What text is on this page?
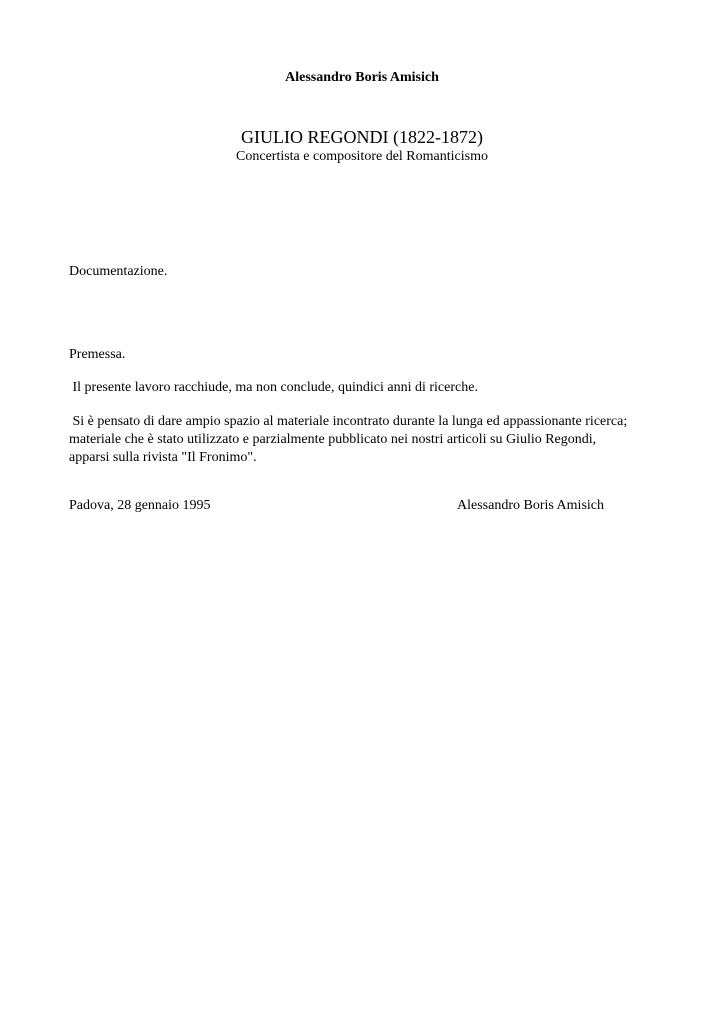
Alessandro Boris Amisich
GIULIO REGONDI (1822-1872)
Concertista e compositore del Romanticismo
Documentazione.
Premessa.
Il presente lavoro racchiude, ma non conclude, quindici anni di ricerche.
Si è pensato di dare ampio spazio al materiale incontrato durante la lunga ed appassionante ricerca;
materiale che è stato utilizzato e parzialmente pubblicato nei nostri articoli su Giulio Regondi,
apparsi sulla rivista "Il Fronimo".
Padova, 28 gennaio 1995	Alessandro Boris Amisich
